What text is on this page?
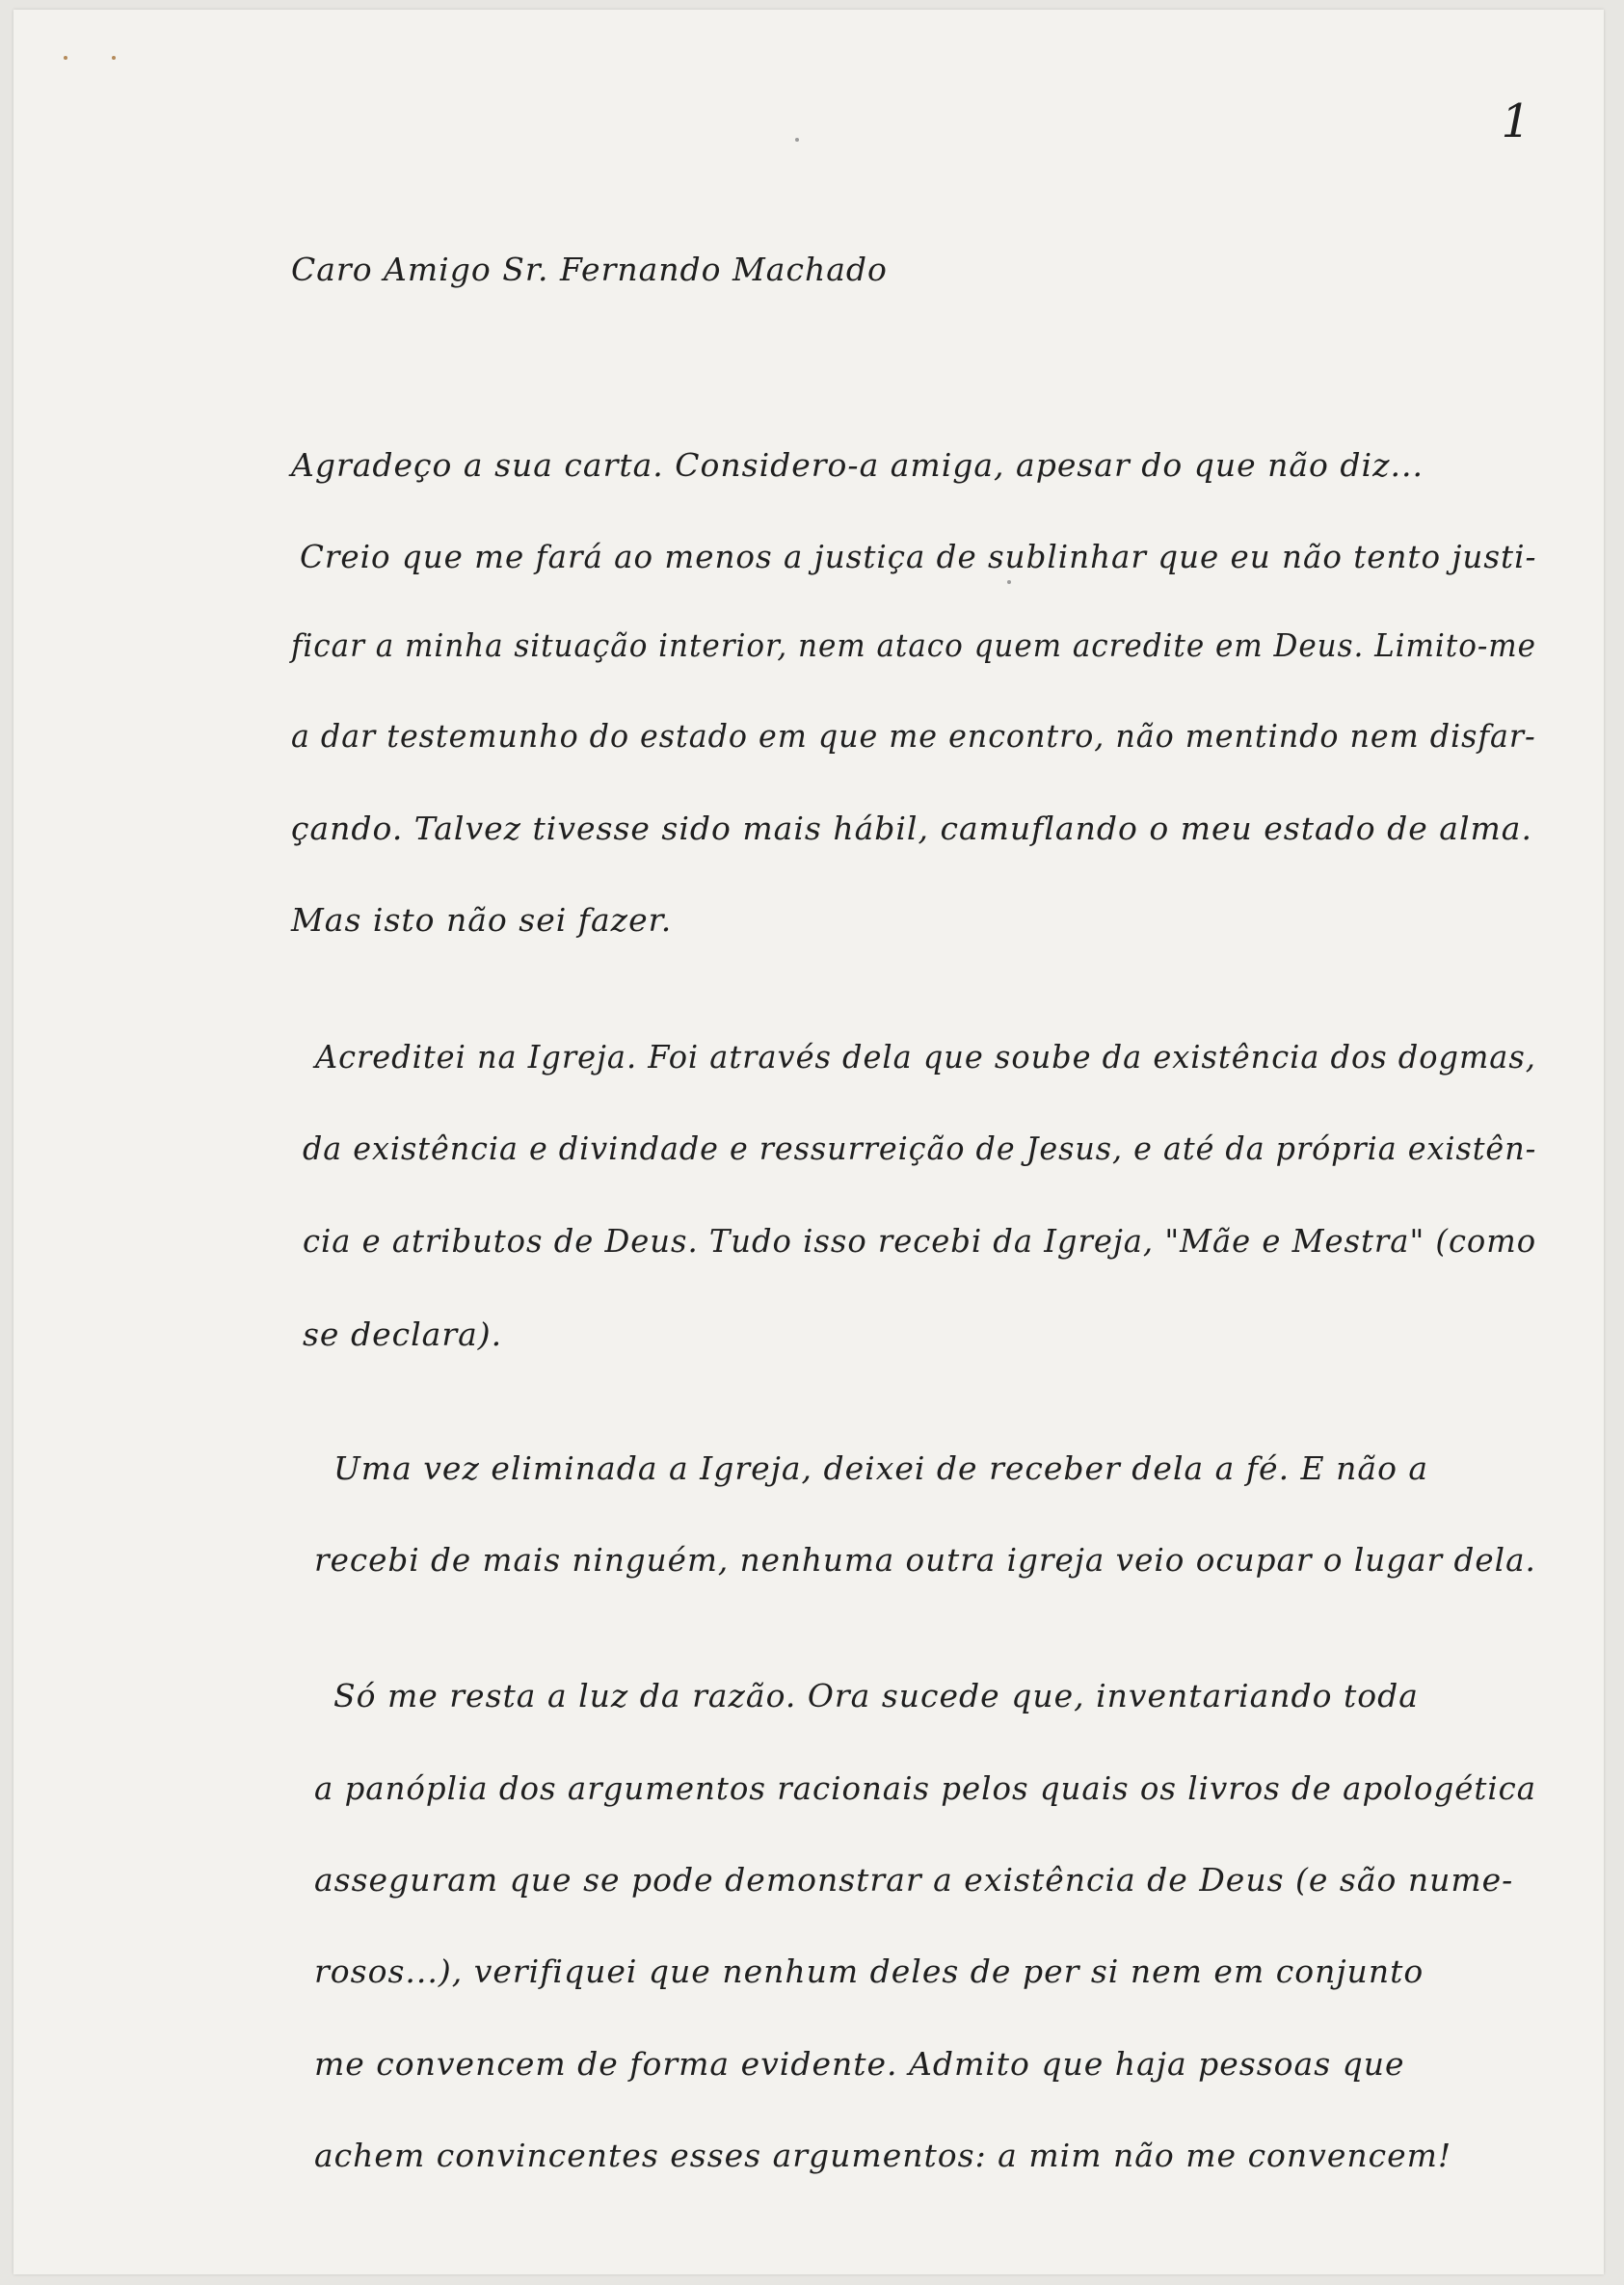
1
Caro Amigo Sr. Fernando Machado
Agradeço a sua carta. Considero-a amiga, apesar do que não diz...
Creio que me fará ao menos a justiça de sublinhar que eu não tento justi-
ficar a minha situação interior, nem ataco quem acredite em Deus. Limito-me
a dar testemunho do estado em que me encontro, não mentindo nem disfar-
çando. Talvez tivesse sido mais hábil, camuflando o meu estado de alma.
Mas isto não sei fazer.
Acreditei na Igreja. Foi através dela que soube da existência dos dogmas,
da existência e divindade e ressurreição de Jesus, e até da própria existên-
cia e atributos de Deus. Tudo isso recebi da Igreja, "Mãe e Mestra" (como
se declara).
Uma vez eliminada a Igreja, deixei de receber dela a fé. E não a
recebi de mais ninguém, nenhuma outra igreja veio ocupar o lugar dela.
Só me resta a luz da razão. Ora sucede que, inventariando toda
a panóplia dos argumentos racionais pelos quais os livros de apologética
asseguram que se pode demonstrar a existência de Deus (e são nume-
rosos...), verifiquei que nenhum deles de per si nem em conjunto
me convencem de forma evidente. Admito que haja pessoas que
achem convincentes esses argumentos: a mim não me convencem!
